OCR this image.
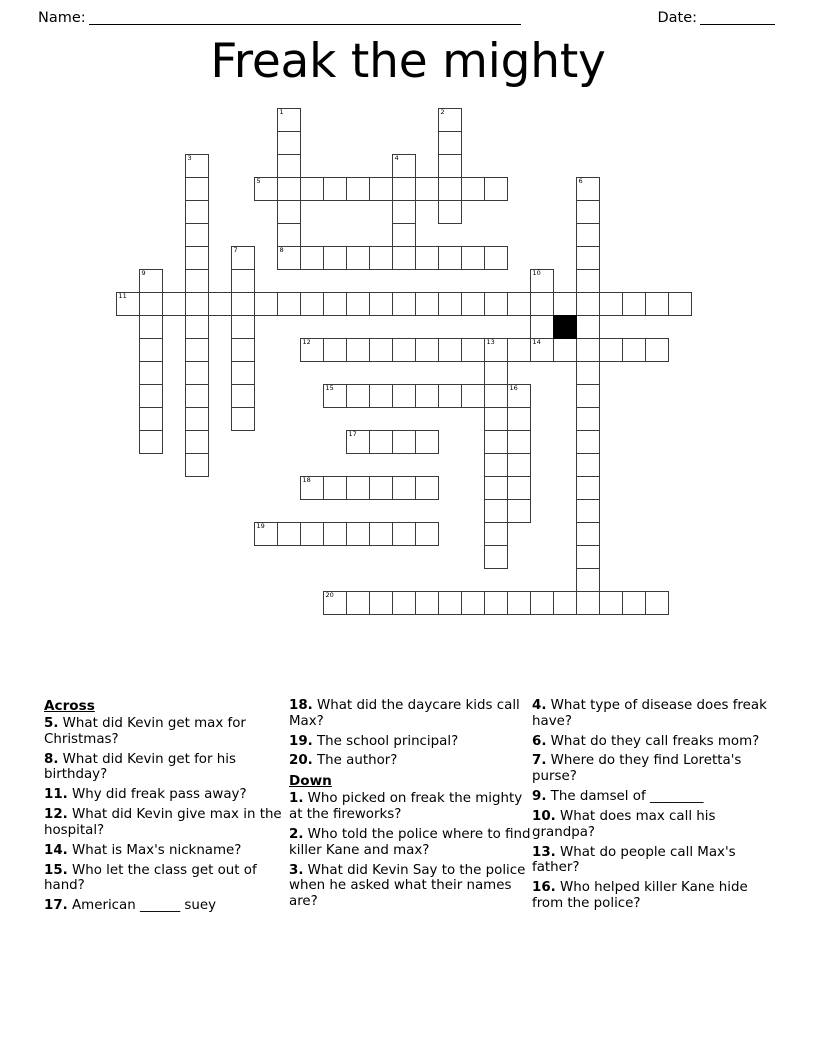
Name:	Date:
Freak the mighty
1	2
3	4
5	6
7	8
9	10
14
11
12	13
15	16
17
18
19
20
Across
5. What did Kevin get max for Christmas?
8. What did Kevin get for his birthday?
11. Why did freak pass away?
12. What did Kevin give max in the hospital?
14. What is Max's nickname?
15. Who let the class get out of hand?
17. American ______ suey
18. What did the daycare kids call Max?
19. The school principal?
20. The author?
Down
1. Who picked on freak the mighty at the fireworks?
2. Who told the police where to find killer Kane and max?
3. What did Kevin Say to the police when he asked what their names are?
4. What type of disease does freak have?
6. What do they call freaks mom?
7. Where do they find Loretta's purse?
9. The damsel of ________
10. What does max call his grandpa?
13. What do people call Max's father?
16. Who helped killer Kane hide from the police?
